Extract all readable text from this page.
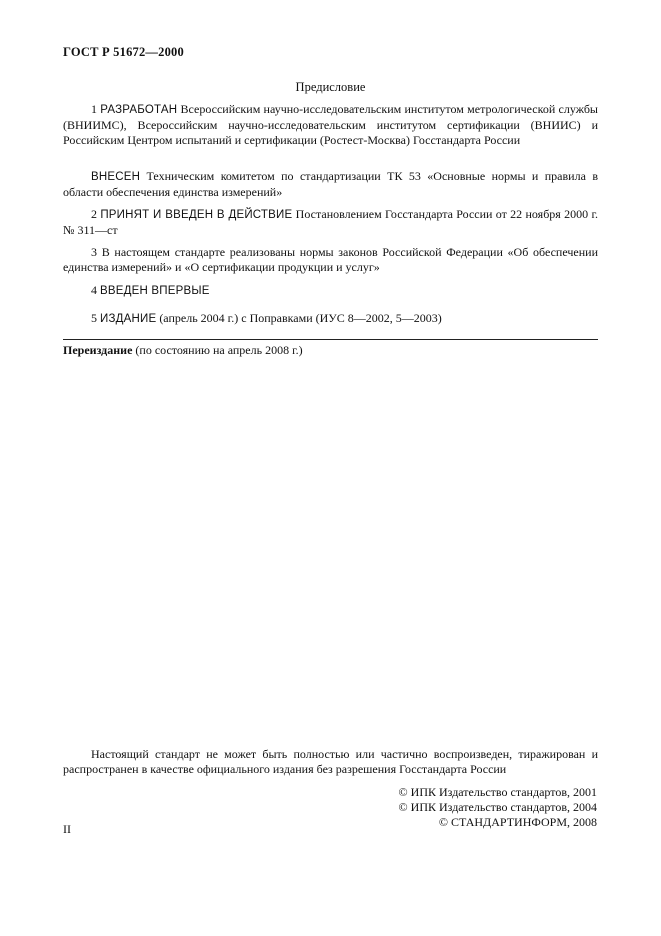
ГОСТ Р 51672—2000
Предисловие
1 РАЗРАБОТАН Всероссийским научно-исследовательским институтом метрологической службы (ВНИИМС), Всероссийским научно-исследовательским институтом сертификации (ВНИИС) и Российским Центром испытаний и сертификации (Ростест-Москва) Госстандарта России
ВНЕСЕН Техническим комитетом по стандартизации ТК 53 «Основные нормы и правила в области обеспечения единства измерений»
2 ПРИНЯТ И ВВЕДЕН В ДЕЙСТВИЕ Постановлением Госстандарта России от 22 ноября 2000 г. № 311—ст
3 В настоящем стандарте реализованы нормы законов Российской Федерации «Об обеспечении единства измерений» и «О сертификации продукции и услуг»
4 ВВЕДЕН ВПЕРВЫЕ
5 ИЗДАНИЕ (апрель 2004 г.) с Поправками (ИУС 8—2002, 5—2003)
Переиздание (по состоянию на апрель 2008 г.)
Настоящий стандарт не может быть полностью или частично воспроизведен, тиражирован и распространен в качестве официального издания без разрешения Госстандарта России
© ИПК Издательство стандартов, 2001
© ИПК Издательство стандартов, 2004
© СТАНДАРТИНФОРМ, 2008
II
